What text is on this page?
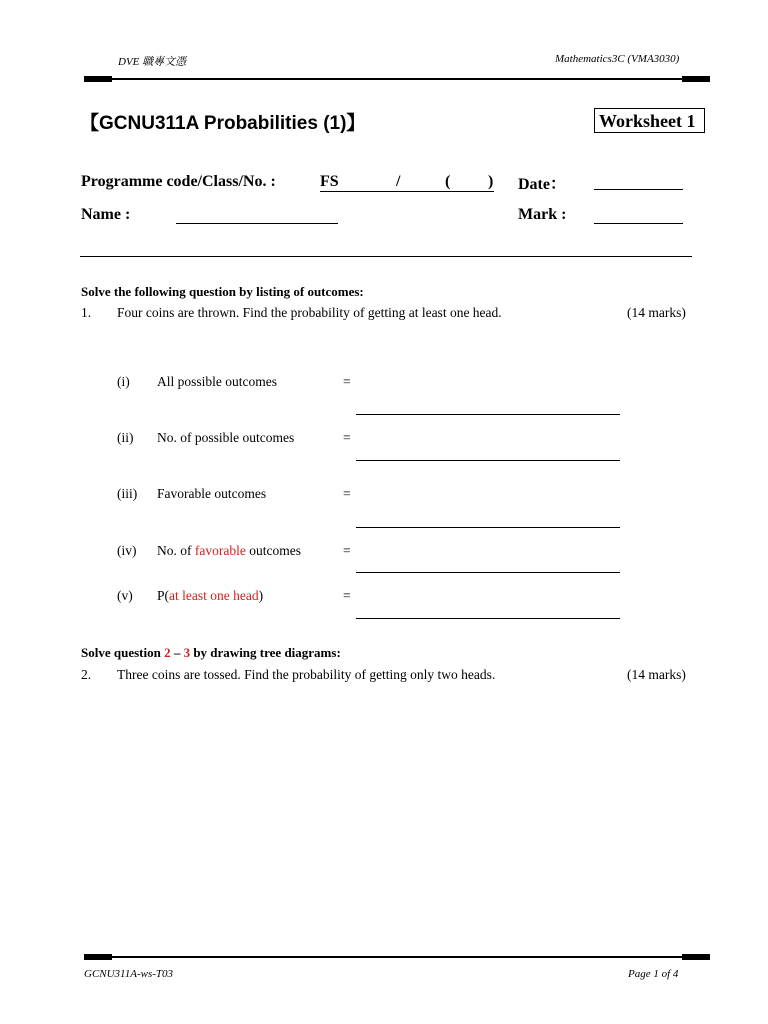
DVE 職專文憑	Mathematics3C (VMA3030)
【GCNU311A Probabilities (1)】	Worksheet 1
Programme code/Class/No. :	FS	/	( ) Date：
Name :	Mark :
Solve the following question by listing of outcomes:
1. Four coins are thrown. Find the probability of getting at least one head.	(14 marks)
(i) All possible outcomes	=
(ii) No. of possible outcomes	=
(iii) Favorable outcomes	=
(iv) No. of favorable outcomes	=
(v) P(at least one head)	=
Solve question 2 – 3 by drawing tree diagrams:
2. Three coins are tossed. Find the probability of getting only two heads.	(14 marks)
GCNU311A-ws-T03	Page 1 of 4
